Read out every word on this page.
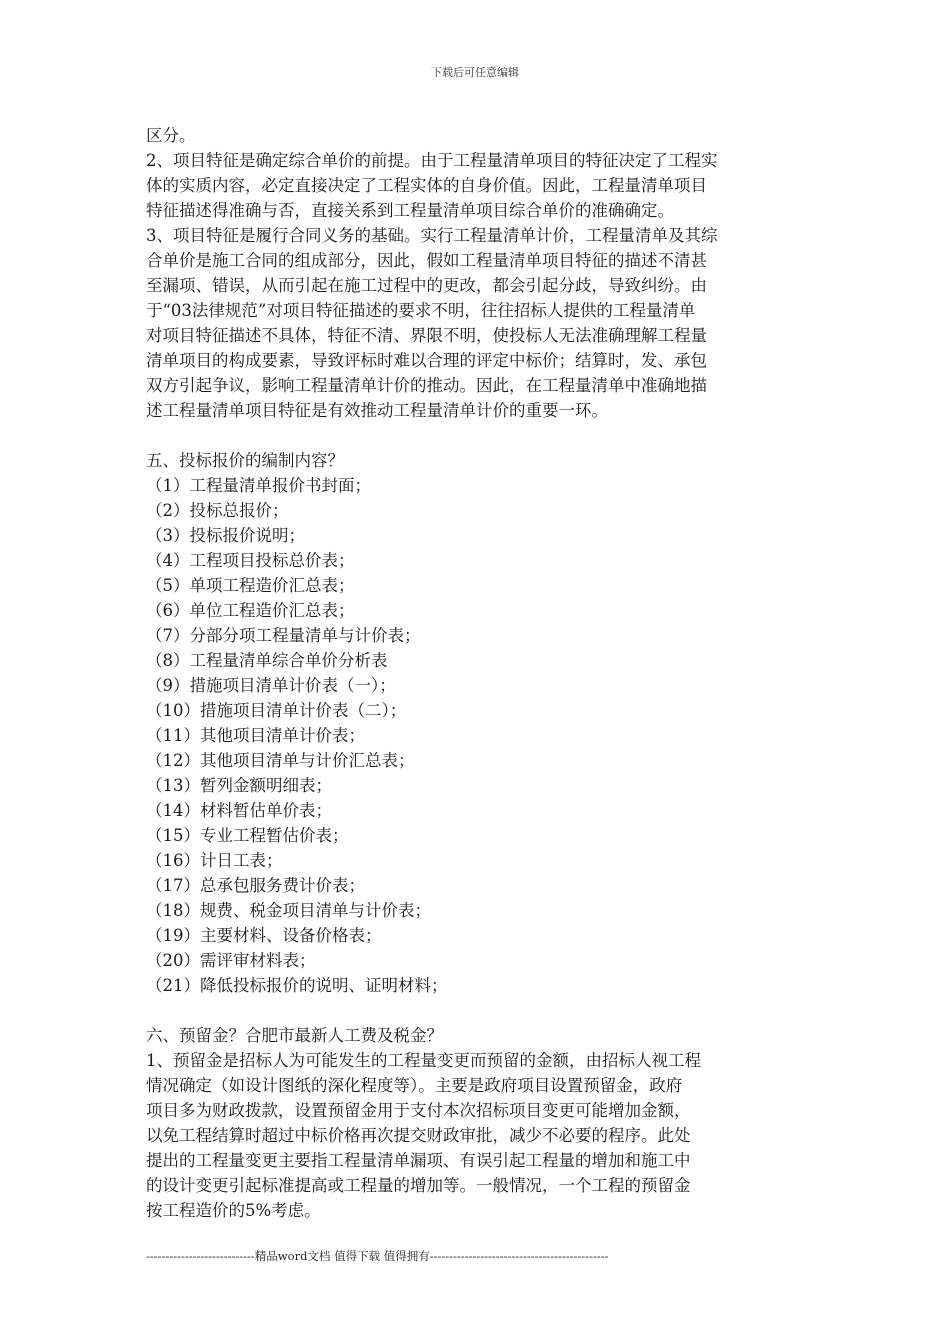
下载后可任意编辑
区分。
2、项目特征是确定综合单价的前提。由于工程量清单项目的特征决定了工程实
体的实质内容，必定直接决定了工程实体的自身价值。因此，工程量清单项目
特征描述得准确与否，直接关系到工程量清单项目综合单价的准确确定。
3、项目特征是履行合同义务的基础。实行工程量清单计价，工程量清单及其综
合单价是施工合同的组成部分，因此，假如工程量清单项目特征的描述不清甚
至漏项、错误，从而引起在施工过程中的更改，都会引起分歧，导致纠纷。由
于“03法律规范”对项目特征描述的要求不明，往往招标人提供的工程量清单
对项目特征描述不具体，特征不清、界限不明，使投标人无法准确理解工程量
清单项目的构成要素，导致评标时难以合理的评定中标价；结算时，发、承包
双方引起争议，影响工程量清单计价的推动。因此，在工程量清单中准确地描
述工程量清单项目特征是有效推动工程量清单计价的重要一环。
五、投标报价的编制内容？
（1）工程量清单报价书封面；
（2）投标总报价；
（3）投标报价说明；
（4）工程项目投标总价表；
（5）单项工程造价汇总表；
（6）单位工程造价汇总表；
（7）分部分项工程量清单与计价表；
（8）工程量清单综合单价分析表
（9）措施项目清单计价表（一）；
（10）措施项目清单计价表（二）；
（11）其他项目清单计价表；
（12）其他项目清单与计价汇总表；
（13）暂列金额明细表；
（14）材料暂估单价表；
（15）专业工程暂估价表；
（16）计日工表；
（17）总承包服务费计价表；
（18）规费、税金项目清单与计价表；
（19）主要材料、设备价格表；
（20）需评审材料表；
（21）降低投标报价的说明、证明材料；
六、预留金？合肥市最新人工费及税金？
1、预留金是招标人为可能发生的工程量变更而预留的金额，由招标人视工程
情况确定（如设计图纸的深化程度等）。主要是政府项目设置预留金，政府
项目多为财政拨款，设置预留金用于支付本次招标项目变更可能增加金额，
以免工程结算时超过中标价格再次提交财政审批，减少不必要的程序。此处
提出的工程量变更主要指工程量清单漏项、有误引起工程量的增加和施工中
的设计变更引起标准提高或工程量的增加等。一般情况，一个工程的预留金
按工程造价的5%考虑。
----------------------------精品word文档 值得下载 值得拥有----------------------------------------------
